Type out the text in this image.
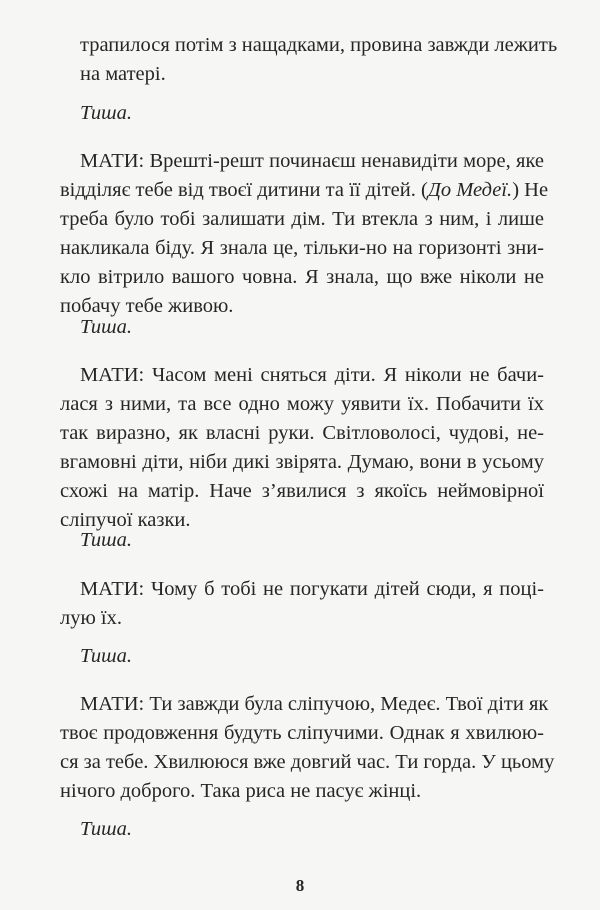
трапилося потім з нащадками, провина завжди лежить
на матері.
Тиша.
МАТИ: Врешті-решт починаєш ненавидіти море, яке
відділяє тебе від твоєї дитини та її дітей. (До Медеї.) Не
треба було тобі залишати дім. Ти втекла з ним, і лише
накликала біду. Я знала це, тільки-но на горизонті зни-
кло вітрило вашого човна. Я знала, що вже ніколи не
побачу тебе живою.
Тиша.
МАТИ: Часом мені сняться діти. Я ніколи не бачи-
лася з ними, та все одно можу уявити їх. Побачити їх
так виразно, як власні руки. Світловолосі, чудові, не-
вгамовні діти, ніби дикі звірята. Думаю, вони в усьому
схожі на матір. Наче з’явилися з якоїсь неймовірної
сліпучої казки.
Тиша.
МАТИ: Чому б тобі не погукати дітей сюди, я поці-
лую їх.
Тиша.
МАТИ: Ти завжди була сліпучою, Медеє. Твої діти як
твоє продовження будуть сліпучими. Однак я хвилюю-
ся за тебе. Хвилююся вже довгий час. Ти горда. У цьому
нічого доброго. Така риса не пасує жінці.
Тиша.
8
